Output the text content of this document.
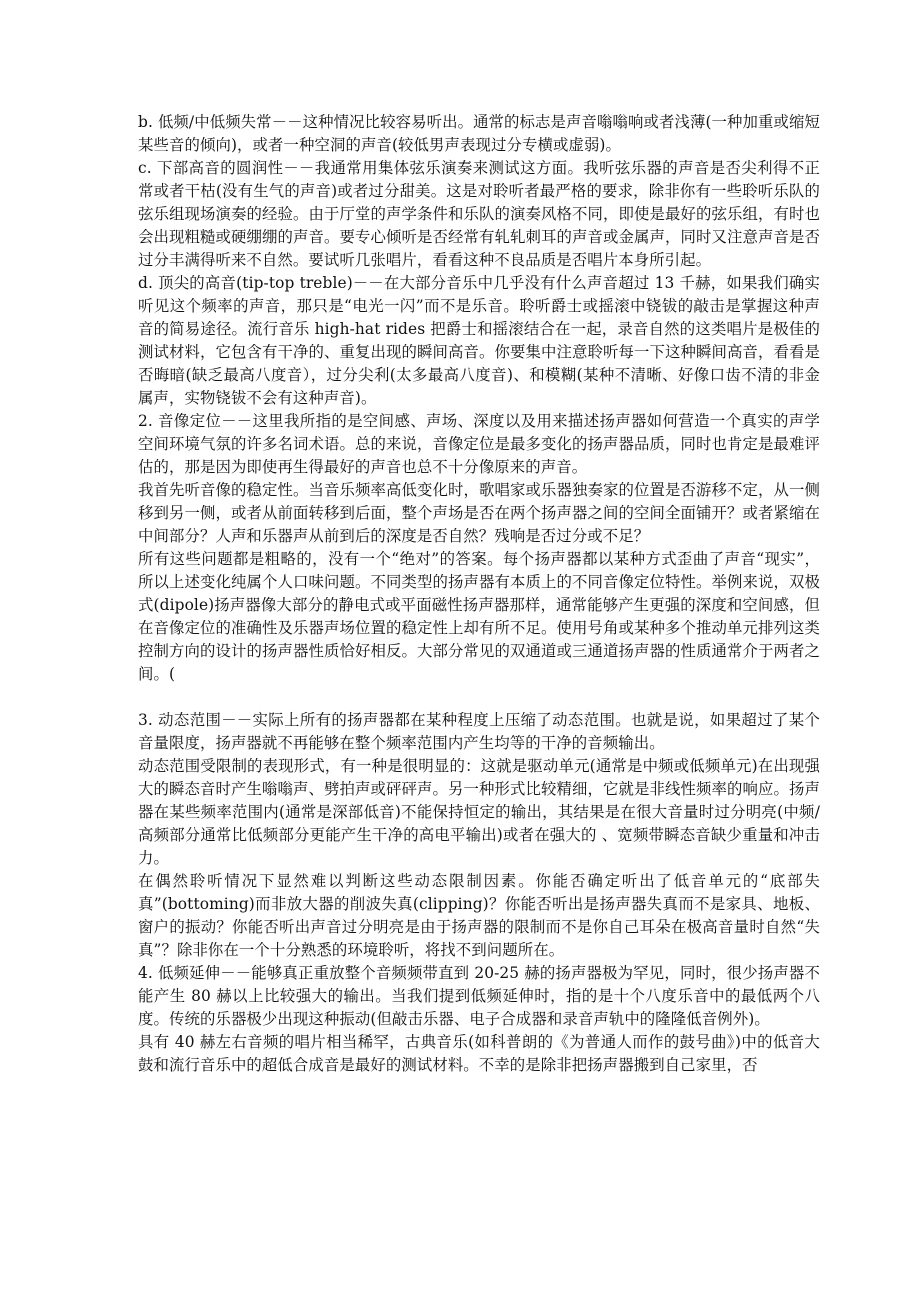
b. 低频/中低频失常－－这种情况比较容易听出。通常的标志是声音嗡嗡响或者浅薄(一种加重或缩短某些音的倾向)，或者一种空洞的声音(较低男声表现过分专横或虚弱)。

c. 下部高音的圆润性－－我通常用集体弦乐演奏来测试这方面。我听弦乐器的声音是否尖利得不正常或者干枯(没有生气的声音)或者过分甜美。这是对聆听者最严格的要求，除非你有一些聆听乐队的弦乐组现场演奏的经验。由于厅堂的声学条件和乐队的演奏风格不同，即使是最好的弦乐组，有时也会出现粗糙或硬绷绷的声音。要专心倾听是否经常有轧轧刺耳的声音或金属声，同时又注意声音是否过分丰满得听来不自然。要试听几张唱片，看看这种不良品质是否唱片本身所引起。

d. 顶尖的高音(tip-top treble)－－在大部分音乐中几乎没有什么声音超过 13 千赫，如果我们确实听见这个频率的声音，那只是“电光一闪”而不是乐音。聆听爵士或摇滚中铙钹的敲击是掌握这种声音的简易途径。流行音乐 high-hat rides 把爵士和摇滚结合在一起，录音自然的这类唱片是极佳的测试材料，它包含有干净的、重复出现的瞬间高音。你要集中注意聆听每一下这种瞬间高音，看看是否晦暗(缺乏最高八度音），过分尖利(太多最高八度音)、和模糊(某种不清晰、好像口齿不清的非金属声，实物铙钹不会有这种声音)。

2. 音像定位－－这里我所指的是空间感、声场、深度以及用来描述扬声器如何营造一个真实的声学空间环境气氛的许多名词术语。总的来说，音像定位是最多变化的扬声器品质，同时也肯定是最难评估的，那是因为即使再生得最好的声音也总不十分像原来的声音。

我首先听音像的稳定性。当音乐频率高低变化时，歌唱家或乐器独奏家的位置是否游移不定，从一侧移到另一侧，或者从前面转移到后面，整个声场是否在两个扬声器之间的空间全面铺开？或者紧缩在中间部分？人声和乐器声从前到后的深度是否自然？残响是否过分或不足？

所有这些问题都是粗略的，没有一个“绝对”的答案。每个扬声器都以某种方式歪曲了声音“现实”，所以上述变化纯属个人口味问题。不同类型的扬声器有本质上的不同音像定位特性。举例来说，双极式(dipole)扬声器像大部分的静电式或平面磁性扬声器那样，通常能够产生更强的深度和空间感，但在音像定位的准确性及乐器声场位置的稳定性上却有所不足。使用号角或某种多个推动单元排列这类控制方向的设计的扬声器性质恰好相反。大部分常见的双通道或三通道扬声器的性质通常介于两者之间。(

3. 动态范围－－实际上所有的扬声器都在某种程度上压缩了动态范围。也就是说，如果超过了某个音量限度，扬声器就不再能够在整个频率范围内产生均等的干净的音频输出。

动态范围受限制的表现形式，有一种是很明显的：这就是驱动单元(通常是中频或低频单元)在出现强大的瞬态音时产生嗡嗡声、劈拍声或砰砰声。另一种形式比较精细，它就是非线性频率的响应。扬声器在某些频率范围内(通常是深部低音)不能保持恒定的输出，其结果是在很大音量时过分明亮(中频/高频部分通常比低频部分更能产生干净的高电平输出)或者在强大的 、宽频带瞬态音缺少重量和冲击力。

在偶然聆听情况下显然难以判断这些动态限制因素。你能否确定听出了低音单元的“底部失真”(bottoming)而非放大器的削波失真(clipping)？你能否听出是扬声器失真而不是家具、地板、窗户的振动？你能否听出声音过分明亮是由于扬声器的限制而不是你自己耳朵在极高音量时自然“失真”？除非你在一个十分熟悉的环境聆听，将找不到问题所在。

4. 低频延伸－－能够真正重放整个音频频带直到 20-25 赫的扬声器极为罕见，同时，很少扬声器不能产生 80 赫以上比较强大的输出。当我们提到低频延伸时，指的是十个八度乐音中的最低两个八度。传统的乐器极少出现这种振动(但敲击乐器、电子合成器和录音声轨中的隆隆低音例外)。

具有 40 赫左右音频的唱片相当稀罕，古典音乐(如科普朗的《为普通人而作的鼓号曲》)中的低音大鼓和流行音乐中的超低合成音是最好的测试材料。不幸的是除非把扬声器搬到自己家里，否
